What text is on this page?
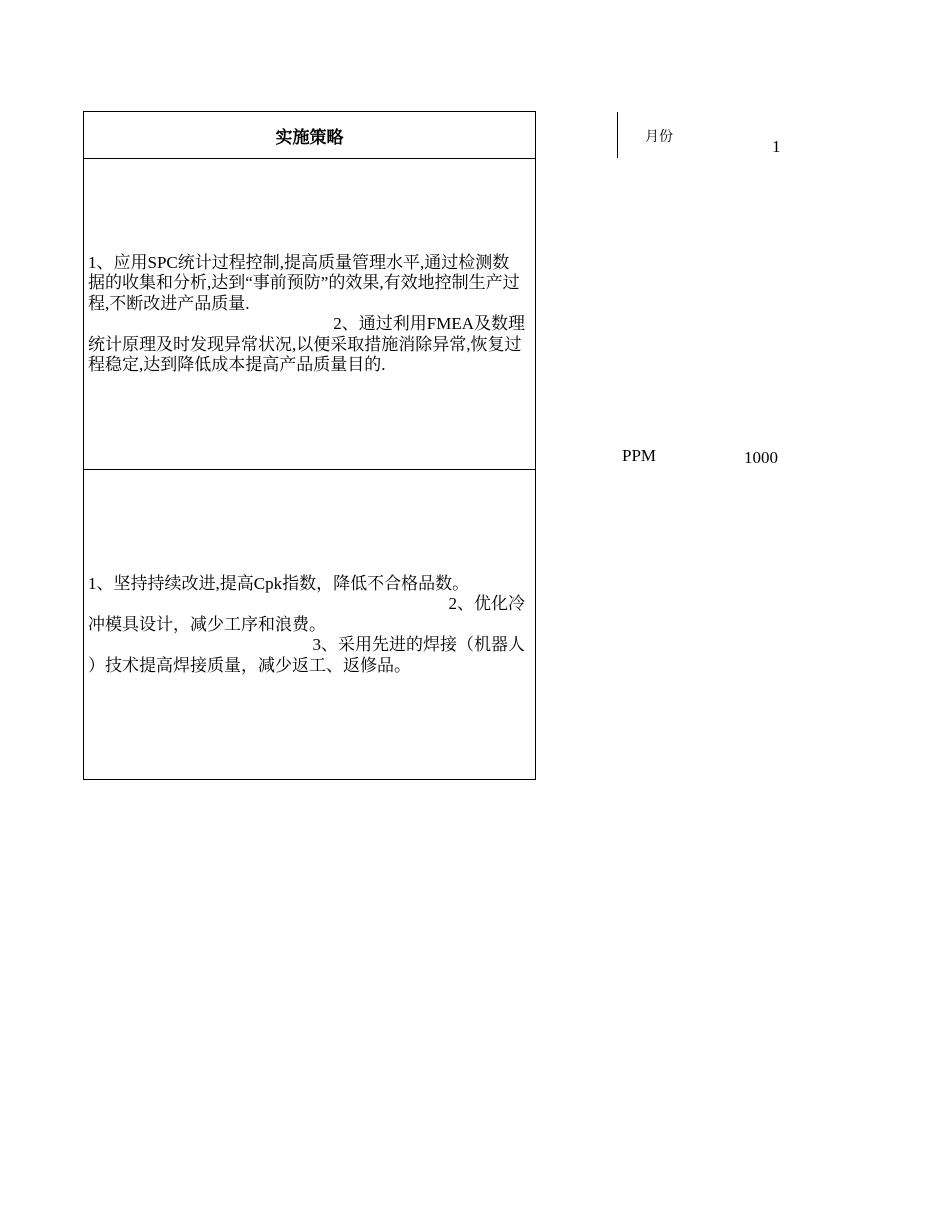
实施策略
1、应用SPC统计过程控制,提高质量管理水平,通过检测数据的收集和分析,达到“事前预防”的效果,有效地控制生产过程,不断改进产品质量.
2、通过利用FMEA及数理
统计原理及时发现异常状况,以便采取措施消除异常,恢复过程稳定,达到降低成本提高产品质量目的.
1、坚持持续改进,提高Cpk指数，降低不合格品数。
2、优化冷
冲模具设计，减少工序和浪费。
3、采用先进的焊接（机器人
）技术提高焊接质量，减少返工、返修品。
月份	1
PPM	1000
